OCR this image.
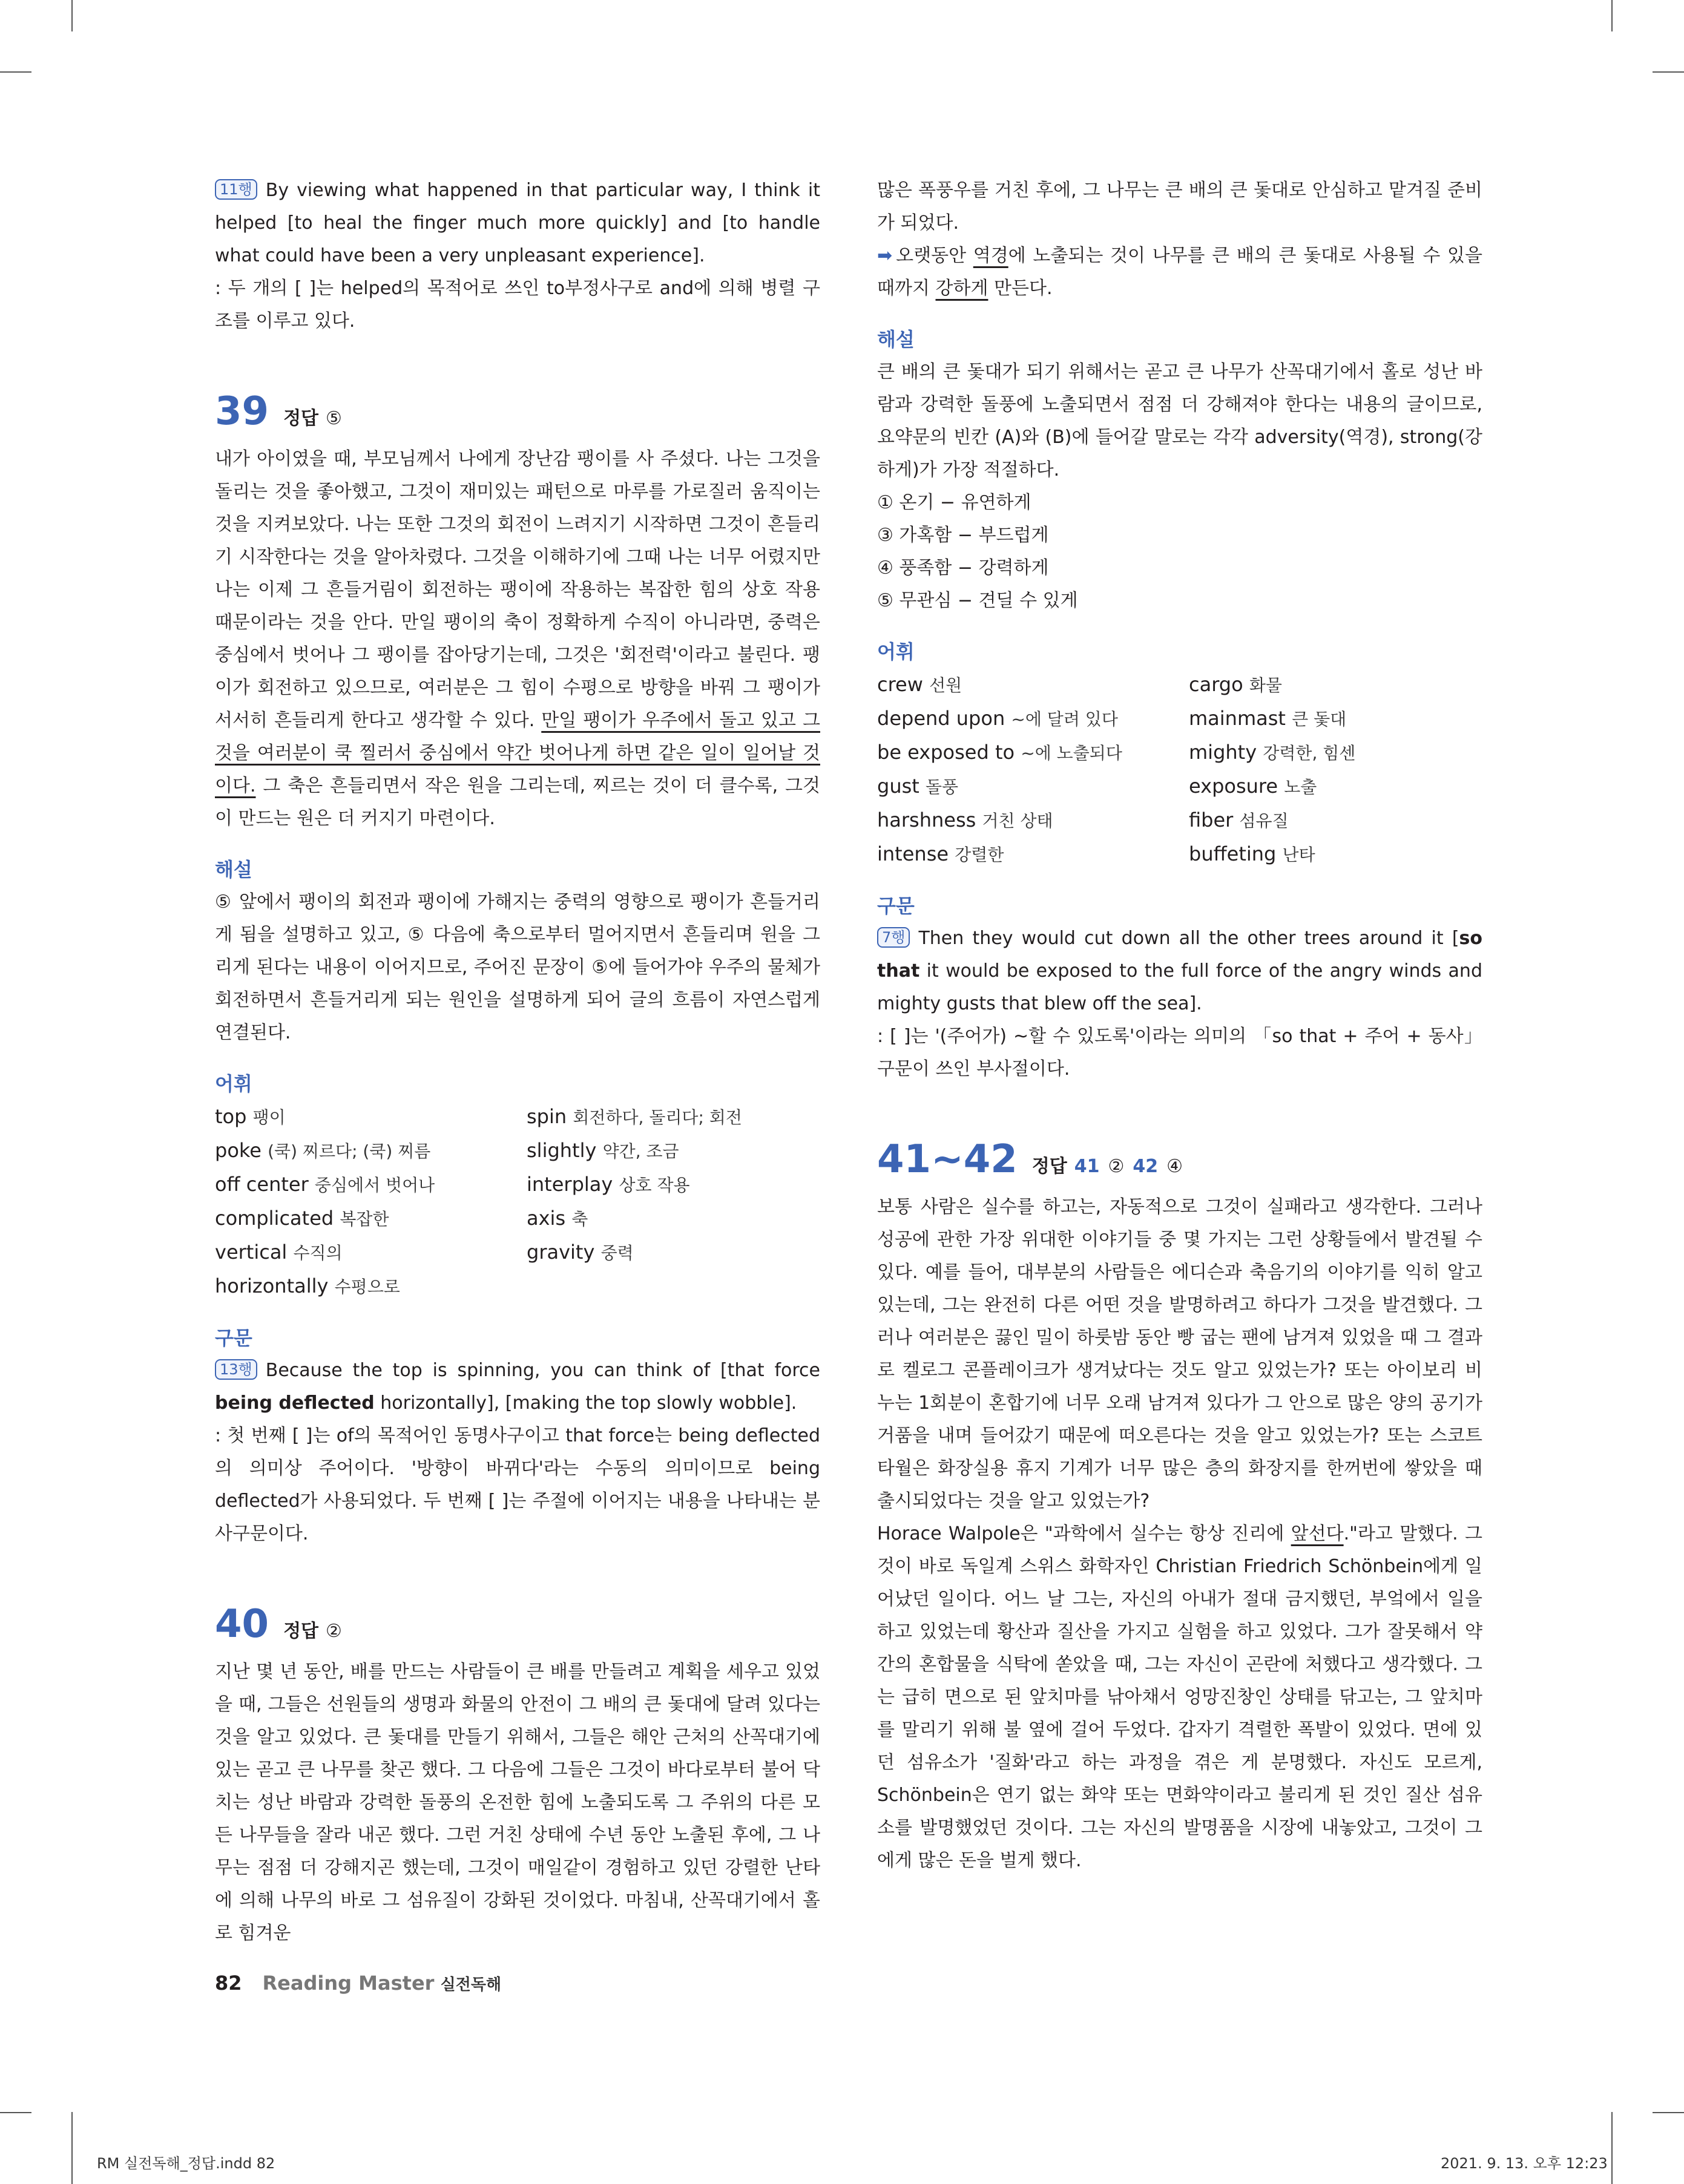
11행 By viewing what happened in that particular way, I think it helped [to heal the finger much more quickly] and [to handle what could have been a very unpleasant experience].

: 두 개의 [ ]는 helped의 목적어로 쓰인 to부정사구로 and에 의해 병렬 구조를 이루고 있다.

39 정답 ⑤

내가 아이였을 때, 부모님께서 나에게 장난감 팽이를 사 주셨다. 나는 그것을 돌리는 것을 좋아했고, 그것이 재미있는 패턴으로 마루를 가로질러 움직이는 것을 지켜보았다. 나는 또한 그것의 회전이 느려지기 시작하면 그것이 흔들리기 시작한다는 것을 알아차렸다. 그것을 이해하기에 그때 나는 너무 어렸지만 나는 이제 그 흔들거림이 회전하는 팽이에 작용하는 복잡한 힘의 상호 작용 때문이라는 것을 안다. 만일 팽이의 축이 정확하게 수직이 아니라면, 중력은 중심에서 벗어나 그 팽이를 잡아당기는데, 그것은 '회전력'이라고 불린다. 팽이가 회전하고 있으므로, 여러분은 그 힘이 수평으로 방향을 바꿔 그 팽이가 서서히 흔들리게 한다고 생각할 수 있다. 만일 팽이가 우주에서 돌고 있고 그것을 여러분이 쿡 찔러서 중심에서 약간 벗어나게 하면 같은 일이 일어날 것이다. 그 축은 흔들리면서 작은 원을 그리는데, 찌르는 것이 더 클수록, 그것이 만드는 원은 더 커지기 마련이다.

해설

⑤ 앞에서 팽이의 회전과 팽이에 가해지는 중력의 영향으로 팽이가 흔들거리게 됨을 설명하고 있고, ⑤ 다음에 축으로부터 멀어지면서 흔들리며 원을 그리게 된다는 내용이 이어지므로, 주어진 문장이 ⑤에 들어가야 우주의 물체가 회전하면서 흔들거리게 되는 원인을 설명하게 되어 글의 흐름이 자연스럽게 연결된다.

어휘
top 팽이	spin 회전하다, 돌리다; 회전
poke (쿡) 찌르다; (쿡) 찌름	slightly 약간, 조금
off center 중심에서 벗어나	interplay 상호 작용
complicated 복잡한	axis 축
vertical 수직의	gravity 중력
horizontally 수평으로
구문

13행 Because the top is spinning, you can think of [that force being deflected horizontally], [making the top slowly wobble].

: 첫 번째 [ ]는 of의 목적어인 동명사구이고 that force는 being deflected의 의미상 주어이다. '방향이 바뀌다'라는 수동의 의미이므로 being deflected가 사용되었다. 두 번째 [ ]는 주절에 이어지는 내용을 나타내는 분사구문이다.

40 정답 ②

지난 몇 년 동안, 배를 만드는 사람들이 큰 배를 만들려고 계획을 세우고 있었을 때, 그들은 선원들의 생명과 화물의 안전이 그 배의 큰 돛대에 달려 있다는 것을 알고 있었다. 큰 돛대를 만들기 위해서, 그들은 해안 근처의 산꼭대기에 있는 곧고 큰 나무를 찾곤 했다. 그 다음에 그들은 그것이 바다로부터 불어 닥치는 성난 바람과 강력한 돌풍의 온전한 힘에 노출되도록 그 주위의 다른 모든 나무들을 잘라 내곤 했다. 그런 거친 상태에 수년 동안 노출된 후에, 그 나무는 점점 더 강해지곤 했는데, 그것이 매일같이 경험하고 있던 강렬한 난타에 의해 나무의 바로 그 섬유질이 강화된 것이었다. 마침내, 산꼭대기에서 홀로 힘겨운

많은 폭풍우를 거친 후에, 그 나무는 큰 배의 큰 돛대로 안심하고 맡겨질 준비가 되었다.

➡ 오랫동안 역경에 노출되는 것이 나무를 큰 배의 큰 돛대로 사용될 수 있을 때까지 강하게 만든다.

해설

큰 배의 큰 돛대가 되기 위해서는 곧고 큰 나무가 산꼭대기에서 홀로 성난 바람과 강력한 돌풍에 노출되면서 점점 더 강해져야 한다는 내용의 글이므로, 요약문의 빈칸 (A)와 (B)에 들어갈 말로는 각각 adversity(역경), strong(강하게)가 가장 적절하다.

① 온기 − 유연하게

③ 가혹함 − 부드럽게

④ 풍족함 − 강력하게

⑤ 무관심 − 견딜 수 있게

어휘
crew 선원	cargo 화물
depend upon ~에 달려 있다	mainmast 큰 돛대
be exposed to ~에 노출되다	mighty 강력한, 힘센
gust 돌풍	exposure 노출
harshness 거친 상태	fiber 섬유질
intense 강렬한	buffeting 난타
구문

7행 Then they would cut down all the other trees around it [so that it would be exposed to the full force of the angry winds and mighty gusts that blew off the sea].

: [ ]는 '(주어가) ~할 수 있도록'이라는 의미의 「so that + 주어 + 동사」 구문이 쓰인 부사절이다.

41~42 정답 41 ② 42 ④

보통 사람은 실수를 하고는, 자동적으로 그것이 실패라고 생각한다. 그러나 성공에 관한 가장 위대한 이야기들 중 몇 가지는 그런 상황들에서 발견될 수 있다. 예를 들어, 대부분의 사람들은 에디슨과 축음기의 이야기를 익히 알고 있는데, 그는 완전히 다른 어떤 것을 발명하려고 하다가 그것을 발견했다. 그러나 여러분은 끓인 밀이 하룻밤 동안 빵 굽는 팬에 남겨져 있었을 때 그 결과로 켈로그 콘플레이크가 생겨났다는 것도 알고 있었는가? 또는 아이보리 비누는 1회분이 혼합기에 너무 오래 남겨져 있다가 그 안으로 많은 양의 공기가 거품을 내며 들어갔기 때문에 떠오른다는 것을 알고 있었는가? 또는 스코트 타월은 화장실용 휴지 기계가 너무 많은 층의 화장지를 한꺼번에 쌓았을 때 출시되었다는 것을 알고 있었는가?

Horace Walpole은 "과학에서 실수는 항상 진리에 앞선다."라고 말했다. 그것이 바로 독일계 스위스 화학자인 Christian Friedrich Schönbein에게 일어났던 일이다. 어느 날 그는, 자신의 아내가 절대 금지했던, 부엌에서 일을 하고 있었는데 황산과 질산을 가지고 실험을 하고 있었다. 그가 잘못해서 약간의 혼합물을 식탁에 쏟았을 때, 그는 자신이 곤란에 처했다고 생각했다. 그는 급히 면으로 된 앞치마를 낚아채서 엉망진창인 상태를 닦고는, 그 앞치마를 말리기 위해 불 옆에 걸어 두었다. 갑자기 격렬한 폭발이 있었다. 면에 있던 섬유소가 '질화'라고 하는 과정을 겪은 게 분명했다. 자신도 모르게, Schönbein은 연기 없는 화약 또는 면화약이라고 불리게 된 것인 질산 섬유소를 발명했었던 것이다. 그는 자신의 발명품을 시장에 내놓았고, 그것이 그에게 많은 돈을 벌게 했다.

82 Reading Master 실전독해
RM 실전독해_정답.indd 82	2021. 9. 13. 오후 12:23
